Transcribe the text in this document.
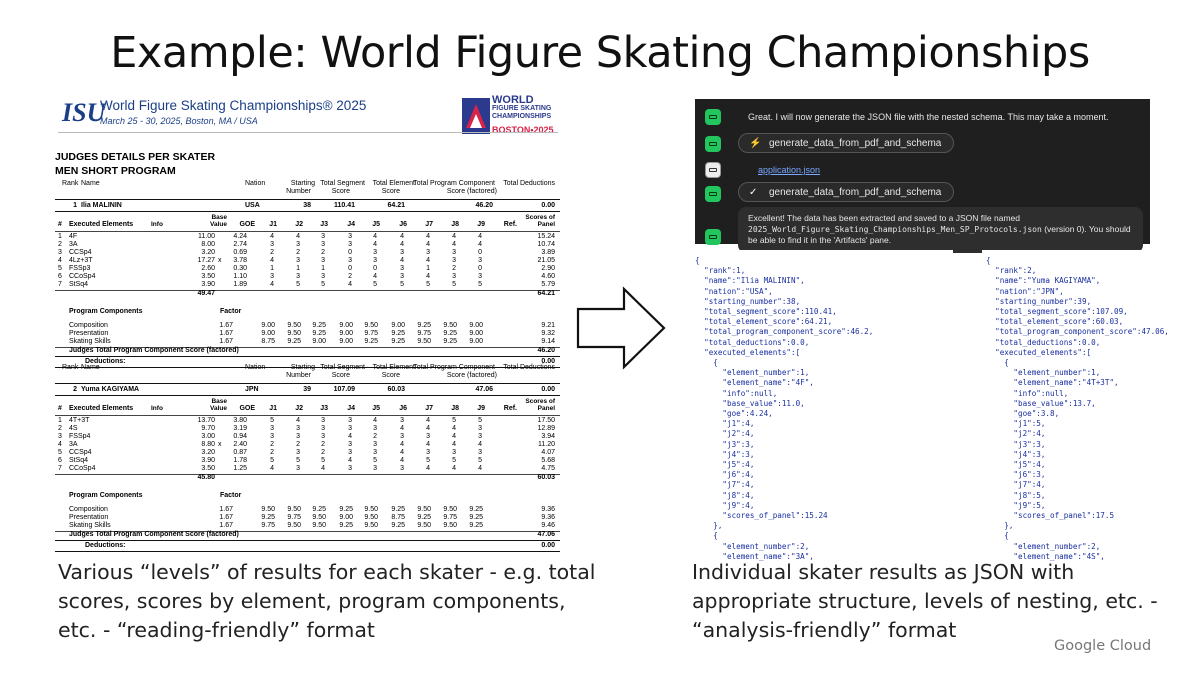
Example: World Figure Skating Championships
ISU
World Figure Skating Championships® 2025
March 25 - 30, 2025, Boston, MA / USA
WORLD
FIGURE SKATING
CHAMPIONSHIPS
BOSTON•2025
JUDGES DETAILS PER SKATER
MEN SHORT PROGRAM
Rank Name	Nation	Starting Total Segment Total Element
Total Program Component Total Deductions
Number	Score	Score	Score (factored)
1 Ilia MALININ	USA	38	110.41	64.21	46.20	0.00
Base	Scores of
# Executed Elements	Info	Value GOE J1	J2 J3	J4 J5	J6	J7	J8	J9	Ref.	Panel
1 4F	11.00	4.24	4	4	3	3	4	4	4	4	4	15.24
2 3A	8.00	2.74	3	3	3	3	4	4	4	4	4	10.74
3 CCSp4	3.20	0.69	2	2	2	0	3	3	3	3	0	3.89
4 4Lz+3T	17.27 x 3.78	4	3	3	3	3	4	4	3	3	21.05
5 FSSp3	2.60	0.30	1	1	1	0	0	3	1	2	0	2.90
6 CCoSp4	3.50	1.10	3	3	3	2	4	3	4	3	3	4.60
7 StSq4	3.90	1.89	4	5	5	4	5	5	5	5	5	5.79
49.47	64.21
Program Components	Factor
Composition	1.67	9.00 9.50 9.25 9.00 9.50 9.00 9.25 9.50 9.00	9.21
Presentation	1.67	9.00 9.50 9.25 9.00 9.75 9.25 9.75 9.25 9.00	9.32
Skating Skills	1.67	8.75 9.25 9.00 9.00 9.25 9.25 9.50 9.25 9.00	9.14
Judges Total Program Component Score (factored)	46.20
Deductions:	0.00
Rank Name	Nation	Starting Total Segment Total Element
Total Program Component Total Deductions
Number	Score	Score	Score (factored)
2 Yuma KAGIYAMA	JPN	39	107.09	60.03	47.06	0.00
Base	Scores of
# Executed Elements	Info	Value GOE J1	J2 J3	J4 J5	J6	J7	J8	J9	Ref.	Panel
1 4T+3T	13.70	3.80	5	4	3	3	4	3	4	5	5	17.50
2 4S	9.70	3.19	3	3	3	3	3	4	4	4	3	12.89
3 FSSp4	3.00	0.94	3	3	3	4	2	3	3	4	3	3.94
4 3A	8.80 x 2.40	2	2	2	3	3	4	4	4	4	11.20
5 CCSp4	3.20	0.87	2	3	2	3	3	4	3	3	3	4.07
6 StSq4	3.90	1.78	5	5	5	4	5	4	5	5	5	5.68
7 CCoSp4	3.50	1.25	4	3	4	3	3	3	4	4	4	4.75
45.80	60.03
Program Components	Factor
Composition	1.67	9.50 9.50 9.25 9.25 9.50 9.25 9.50 9.50 9.25	9.36
Presentation	1.67	9.25 9.75 9.50 9.00 9.50 8.75 9.25 9.75 9.25	9.36
Skating Skills	1.67	9.75 9.50 9.50 9.25 9.50 9.25 9.50 9.50 9.25	9.46
Judges Total Program Component Score (factored)	47.06
Deductions:	0.00
Great. I will now generate the JSON file with the nested schema. This may take a moment.
⚡ generate_data_from_pdf_and_schema
application.json
✓	generate_data_from_pdf_and_schema
Excellent! The data has been extracted and saved to a JSON file named
2025_World_Figure_Skating_Championships_Men_SP_Protocols.json (version 0). You should be able to find it in the 'Artifacts' pane.
{
"rank":1,
"name":"Ilia MALININ",
"nation":"USA",
"starting_number":38,
"total_segment_score":110.41,
"total_element_score":64.21,
"total_program_component_score":46.2,
"total_deductions":0.0,
"executed_elements":[
{
"element_number":1,
"element_name":"4F",
"info":null,
"base_value":11.0,
"goe":4.24,
"j1":4,
"j2":4,
"j3":3,
"j4":3,
"j5":4,
"j6":4,
"j7":4,
"j8":4,
"j9":4,
"scores_of_panel":15.24
},
{
"element_number":2,
"element_name":"3A",
{
"rank":2,
"name":"Yuma KAGIYAMA",
"nation":"JPN",
"starting_number":39,
"total_segment_score":107.09,
"total_element_score":60.03,
"total_program_component_score":47.06,
"total_deductions":0.0,
"executed_elements":[
{
"element_number":1,
"element_name":"4T+3T",
"info":null,
"base_value":13.7,
"goe":3.8,
"j1":5,
"j2":4,
"j3":3,
"j4":3,
"j5":4,
"j6":3,
"j7":4,
"j8":5,
"j9":5,
"scores_of_panel":17.5
},
{
"element_number":2,
"element_name":"4S",
Various “levels” of results for each skater - e.g. total scores, scores by element, program components, etc. - “reading-friendly” format
Individual skater results as JSON with appropriate structure, levels of nesting, etc. - “analysis-friendly” format
Google Cloud
